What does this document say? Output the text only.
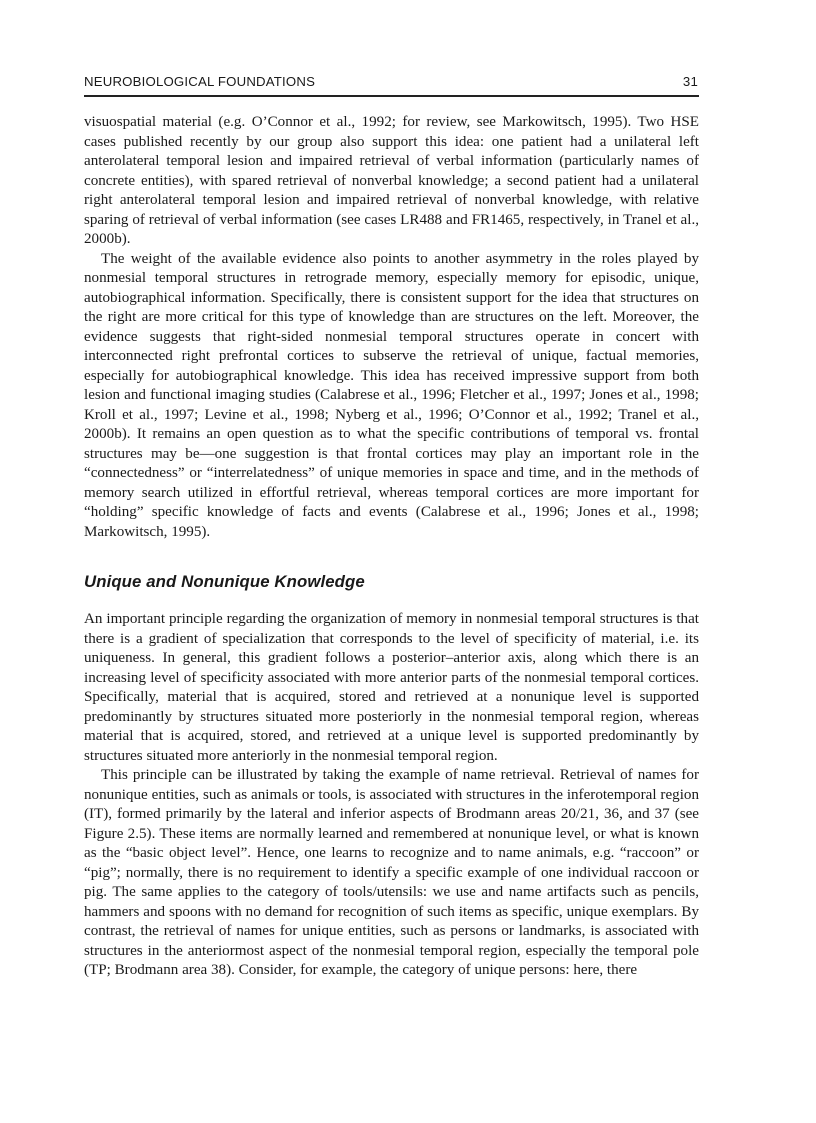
NEUROBIOLOGICAL FOUNDATIONS	31

visuospatial material (e.g. O’Connor et al., 1992; for review, see Markowitsch, 1995). Two HSE cases published recently by our group also support this idea: one patient had a unilateral left anterolateral temporal lesion and impaired retrieval of verbal information (particularly names of concrete entities), with spared retrieval of nonverbal knowledge; a second patient had a unilateral right anterolateral temporal lesion and impaired retrieval of nonverbal knowledge, with relative sparing of retrieval of verbal information (see cases LR488 and FR1465, respectively, in Tranel et al., 2000b).

The weight of the available evidence also points to another asymmetry in the roles played by nonmesial temporal structures in retrograde memory, especially memory for episodic, unique, autobiographical information. Specifically, there is consistent support for the idea that structures on the right are more critical for this type of knowledge than are structures on the left. Moreover, the evidence suggests that right-sided nonmesial temporal structures operate in concert with interconnected right prefrontal cortices to subserve the retrieval of unique, factual memories, especially for autobiographical knowledge. This idea has received impressive support from both lesion and functional imaging studies (Calabrese et al., 1996; Fletcher et al., 1997; Jones et al., 1998; Kroll et al., 1997; Levine et al., 1998; Nyberg et al., 1996; O’Connor et al., 1992; Tranel et al., 2000b). It remains an open question as to what the specific contributions of temporal vs. frontal structures may be—one suggestion is that frontal cortices may play an important role in the “connectedness” or “interrelatedness” of unique memories in space and time, and in the methods of memory search utilized in effortful retrieval, whereas temporal cortices are more important for “holding” specific knowledge of facts and events (Calabrese et al., 1996; Jones et al., 1998; Markowitsch, 1995).

Unique and Nonunique Knowledge

An important principle regarding the organization of memory in nonmesial temporal structures is that there is a gradient of specialization that corresponds to the level of specificity of material, i.e. its uniqueness. In general, this gradient follows a posterior–anterior axis, along which there is an increasing level of specificity associated with more anterior parts of the nonmesial temporal cortices. Specifically, material that is acquired, stored and retrieved at a nonunique level is supported predominantly by structures situated more posteriorly in the nonmesial temporal region, whereas material that is acquired, stored, and retrieved at a unique level is supported predominantly by structures situated more anteriorly in the nonmesial temporal region.

This principle can be illustrated by taking the example of name retrieval. Retrieval of names for nonunique entities, such as animals or tools, is associated with structures in the inferotemporal region (IT), formed primarily by the lateral and inferior aspects of Brodmann areas 20/21, 36, and 37 (see Figure 2.5). These items are normally learned and remembered at nonunique level, or what is known as the “basic object level”. Hence, one learns to recognize and to name animals, e.g. “raccoon” or “pig”; normally, there is no requirement to identify a specific example of one individual raccoon or pig. The same applies to the category of tools/utensils: we use and name artifacts such as pencils, hammers and spoons with no demand for recognition of such items as specific, unique exemplars. By contrast, the retrieval of names for unique entities, such as persons or landmarks, is associated with structures in the anteriormost aspect of the nonmesial temporal region, especially the temporal pole (TP; Brodmann area 38). Consider, for example, the category of unique persons: here, there
